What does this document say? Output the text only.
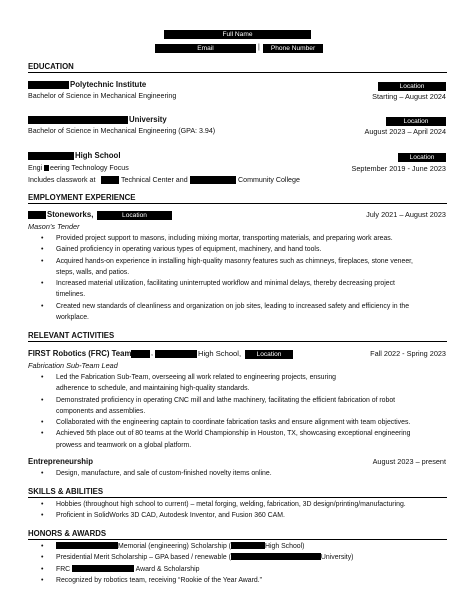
Full Name
Email	|	Phone Number
EDUCATION
Polytechnic Institute	Location
Bachelor of Science in Mechanical Engineering	Starting – August 2024
University	Location
Bachelor of Science in Mechanical Engineering (GPA: 3.94)	August 2023 – April 2024
High School	Location
Engi eering Technology Focus	September 2019 - June 2023
Includes classwork at	Technical Center and	Community College
EMPLOYMENT EXPERIENCE
Stoneworks,	Location	July 2021 – August 2023
Mason’s Tender
• Provided project support to masons, including mixing mortar, transporting materials, and preparing work areas.
• Gained proficiency in operating various types of equipment, machinery, and hand tools.
• Acquired hands-on experience in installing high-quality masonry features such as chimneys, fireplaces, stone veneer,
steps, walls, and patios.
• Increased material utilization, facilitating uninterrupted workflow and minimal delays, thereby decreasing project
timelines.
• Created new standards of cleanliness and organization on job sites, leading to increased safety and efficiency in the
workplace.
RELEVANT ACTIVITIES
FIRST Robotics (FRC) Team	,	High School,	Location	Fall 2022 - Spring 2023
Fabrication Sub-Team Lead
• Led the Fabrication Sub-Team, overseeing all work related to engineering projects, ensuring
adherence to schedule, and maintaining high-quality standards.
• Demonstrated proficiency in operating CNC mill and lathe machinery, facilitating the efficient fabrication of robot
components and assemblies.
• Collaborated with the engineering captain to coordinate fabrication tasks and ensure alignment with team objectives.
• Achieved 5th place out of 80 teams at the World Championship in Houston, TX, showcasing exceptional engineering
prowess and teamwork on a global platform.
Entrepreneurship	August 2023 – present
• Design, manufacture, and sale of custom-finished novelty items online.
SKILLS & ABILITIES
• Hobbies (throughout high school to current) – metal forging, welding, fabrication, 3D design/printing/manufacturing.
• Proficient in SolidWorks 3D CAD, Autodesk Inventor, and Fusion 360 CAM.
HONORS & AWARDS
• Memorial (engineering) Scholarship (	High School)
• Presidential Merit Scholarship – GPA based / renewable (	University)
• FRC	Award & Scholarship
• Recognized by robotics team, receiving “Rookie of the Year Award.”
